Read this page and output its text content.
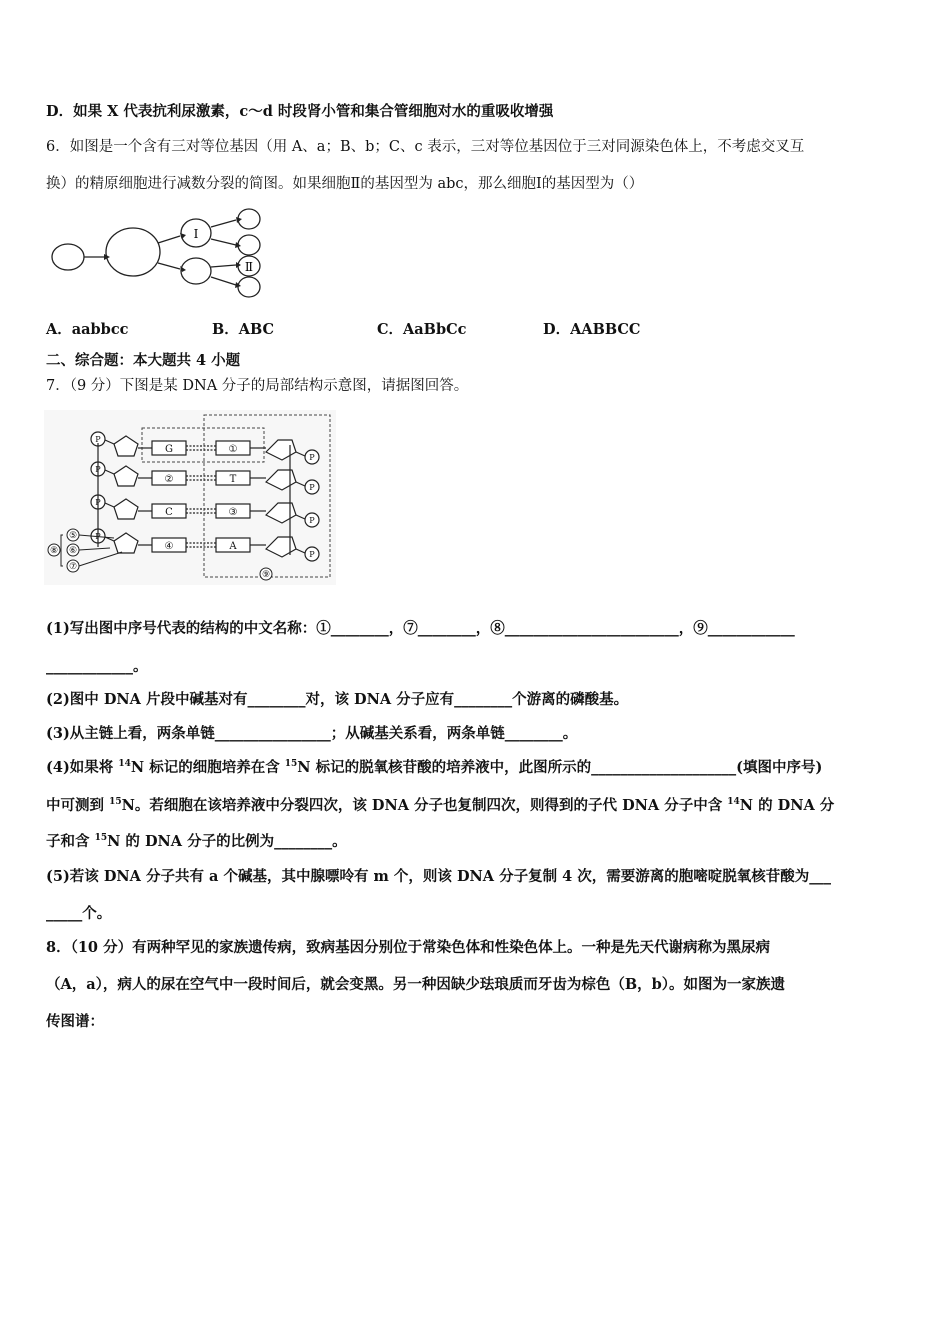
D．如果 X 代表抗利尿激素，c～d 时段肾小管和集合管细胞对水的重吸收增强
6．如图是一个含有三对等位基因（用 A、a；B、b；C、c 表示，三对等位基因位于三对同源染色体上，不考虑交叉互
换）的精原细胞进行减数分裂的简图。如果细胞Ⅱ的基因型为 abc，那么细胞Ⅰ的基因型为（）
Ⅰ
Ⅱ
A．aabbcc	B．ABC	C．AaBbCc	D．AABBCC
二、综合题：本大题共 4 小题
7．（9 分）下图是某 DNA 分子的局部结构示意图，请据图回答。
P
G	①
P
P
②	T
P
P
C	③
P
P
④	A
P
⑤
⑥
⑦
⑧
⑨
(1)写出图中序号代表的结构的中文名称：①________，⑦________，⑧________________________，⑨____________
____________。
(2)图中 DNA 片段中碱基对有________对，该 DNA 分子应有________个游离的磷酸基。
(3)从主链上看，两条单链________________；从碱基关系看，两条单链________。
(4)如果将 $^{14}$N 标记的细胞培养在含 $^{15}$N 标记的脱氧核苷酸的培养液中，此图所示的____________________(填图中序号)
中可测到 $^{15}$N。若细胞在该培养液中分裂四次，该 DNA 分子也复制四次，则得到的子代 DNA 分子中含 $^{14}$N 的 DNA 分
子和含 $^{15}$N 的 DNA 分子的比例为________。
(5)若该 DNA 分子共有 a 个碱基，其中腺嘌呤有 m 个，则该 DNA 分子复制 4 次，需要游离的胞嘧啶脱氧核苷酸为___
_____个。
8．（10 分）有两种罕见的家族遗传病，致病基因分别位于常染色体和性染色体上。一种是先天代谢病称为黑尿病
（A，a），病人的尿在空气中一段时间后，就会变黑。另一种因缺少珐琅质而牙齿为棕色（B，b）。如图为一家族遗
传图谱：
